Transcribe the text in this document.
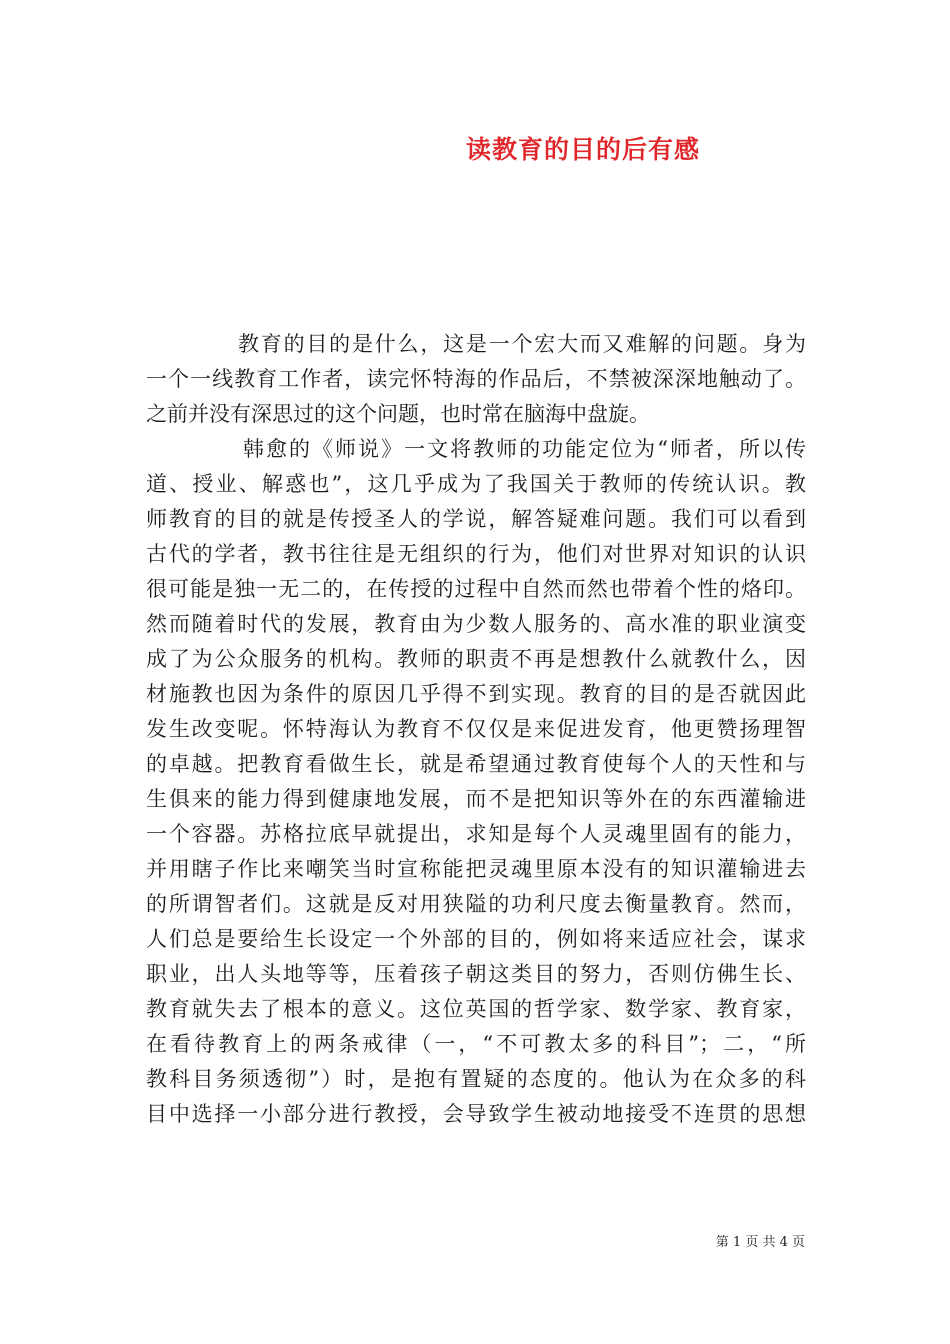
读教育的目的后有感
教育的目的是什么，这是一个宏大而又难解的问题。身为
一个一线教育工作者，读完怀特海的作品后，不禁被深深地触动了。
之前并没有深思过的这个问题，也时常在脑海中盘旋。
韩愈的《师说》一文将教师的功能定位为“师者，所以传
道、授业、解惑也”，这几乎成为了我国关于教师的传统认识。教
师教育的目的就是传授圣人的学说，解答疑难问题。我们可以看到
古代的学者，教书往往是无组织的行为，他们对世界对知识的认识
很可能是独一无二的，在传授的过程中自然而然也带着个性的烙印。
然而随着时代的发展，教育由为少数人服务的、高水准的职业演变
成了为公众服务的机构。教师的职责不再是想教什么就教什么，因
材施教也因为条件的原因几乎得不到实现。教育的目的是否就因此
发生改变呢。怀特海认为教育不仅仅是来促进发育，他更赞扬理智
的卓越。把教育看做生长，就是希望通过教育使每个人的天性和与
生俱来的能力得到健康地发展，而不是把知识等外在的东西灌输进
一个容器。苏格拉底早就提出，求知是每个人灵魂里固有的能力，
并用瞎子作比来嘲笑当时宣称能把灵魂里原本没有的知识灌输进去
的所谓智者们。这就是反对用狭隘的功利尺度去衡量教育。然而，
人们总是要给生长设定一个外部的目的，例如将来适应社会，谋求
职业，出人头地等等，压着孩子朝这类目的努力，否则仿佛生长、
教育就失去了根本的意义。这位英国的哲学家、数学家、教育家，
在看待教育上的两条戒律（一，“不可教太多的科目”；二，“所
教科目务须透彻”）时，是抱有置疑的态度的。他认为在众多的科
目中选择一小部分进行教授，会导致学生被动地接受不连贯的思想
第 1 页 共 4 页
